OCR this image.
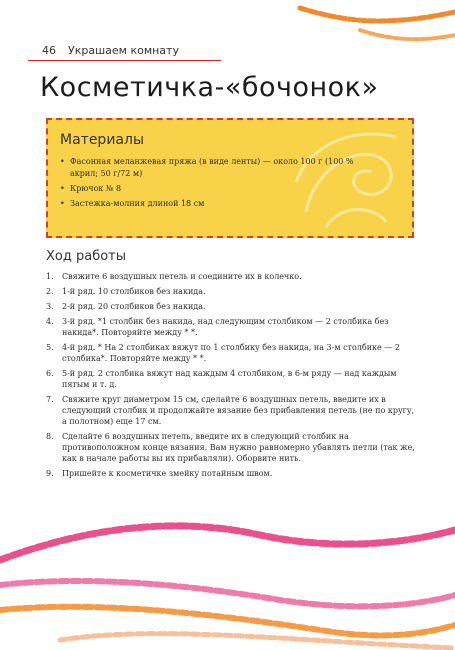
46 Украшаем комнату
Косметичка-«бочонок»
Материалы
• Фасонная меланжевая пряжа (в виде ленты) — около 100 г (100 % акрил; 50 г/72 м)
• Крючок № 8
• Застежка-молния длиной 18 см
Ход работы
1. Свяжите 6 воздушных петель и соедините их в колечко.
2. 1-й ряд. 10 столбиков без накида.
3. 2-й ряд. 20 столбиков без накида.
4. 3-й ряд. *1 столбик без накида, над следующим столбиком — 2 столбика без накида*. Повторяйте между * *.
5. 4-й ряд. * На 2 столбиках вяжут по 1 столбику без накида, на 3-м столбике — 2 столбика*. Повторяйте между * *.
6. 5-й ряд. 2 столбика вяжут над каждым 4 столбиком, в 6-м ряду — над каждым пятым и т. д.
7. Свяжите круг диаметром 15 см, сделайте 6 воздушных петель, введите их в следующий столбик и продолжайте вязание без прибавления петель (не по кругу, а полотном) еще 17 см.
8. Сделайте 6 воздушных петель, введите их в следующий столбик на противоположном конце вязания. Вам нужно равномерно убавлять петли (так же, как в начале работы вы их прибавляли). Оборвите нить.
9. Пришейте к косметичке змейку потайным швом.
